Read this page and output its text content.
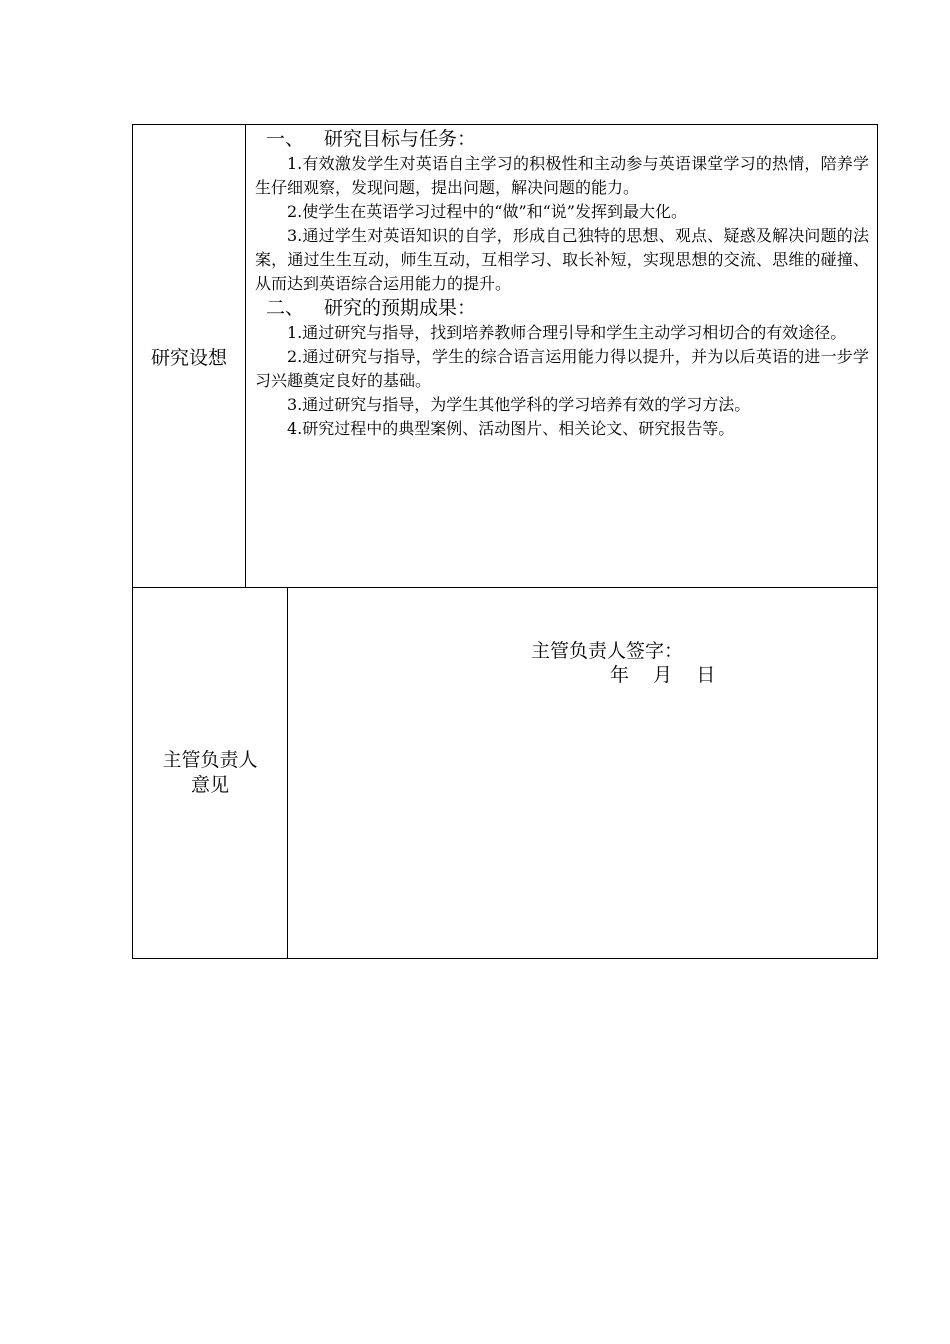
研究设想

一、 研究目标与任务：

1.有效激发学生对英语自主学习的积极性和主动参与英语课堂学习的热情，陪养学生仔细观察，发现问题，提出问题，解决问题的能力。

2.使学生在英语学习过程中的“做”和“说”发挥到最大化。

3.通过学生对英语知识的自学，形成自己独特的思想、观点、疑惑及解决问题的法案，通过生生互动，师生互动，互相学习、取长补短，实现思想的交流、思维的碰撞、从而达到英语综合运用能力的提升。

二、 研究的预期成果：

1.通过研究与指导，找到培养教师合理引导和学生主动学习相切合的有效途径。

2.通过研究与指导，学生的综合语言运用能力得以提升，并为以后英语的进一步学习兴趣奠定良好的基础。

3.通过研究与指导，为学生其他学科的学习培养有效的学习方法。

4.研究过程中的典型案例、活动图片、相关论文、研究报告等。

主管负责人
意见
主管负责人签字：
年    月    日
